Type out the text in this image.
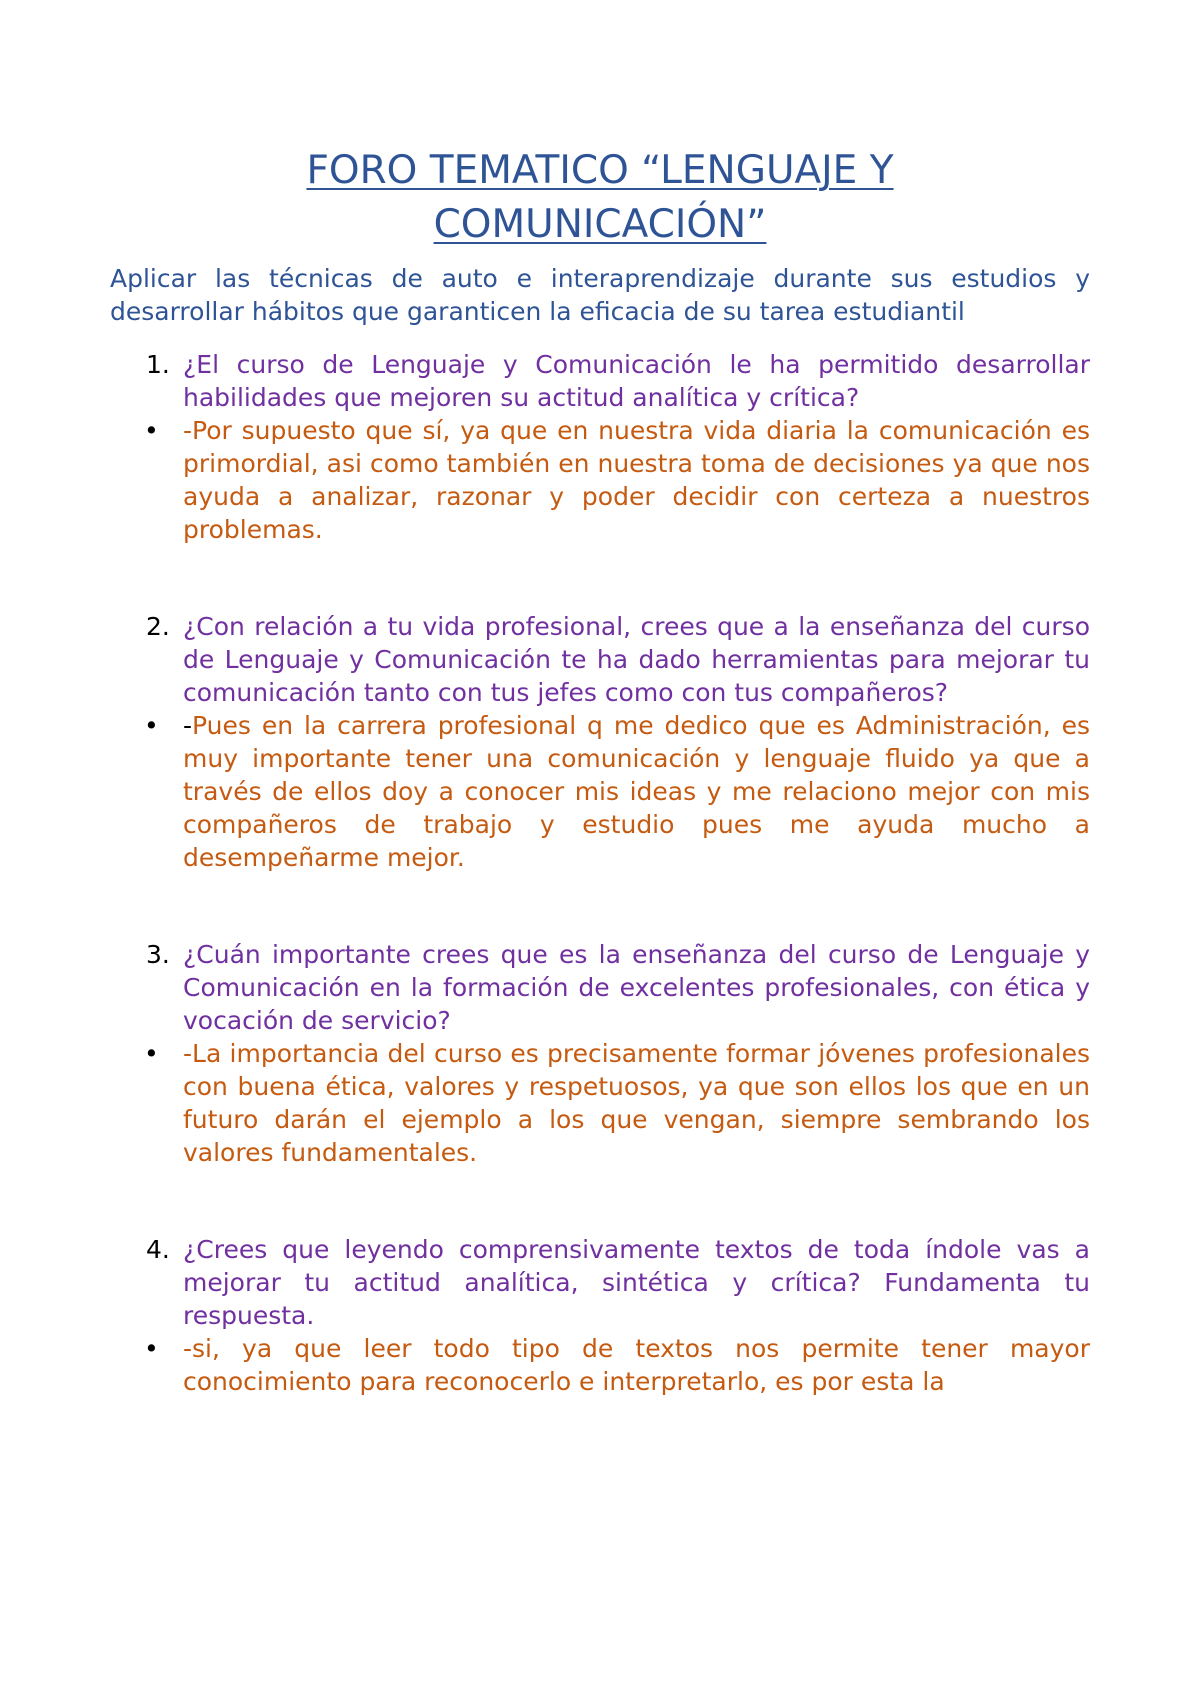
FORO TEMATICO “LENGUAJE Y
COMUNICACIÓN”

Aplicar las técnicas de auto e interaprendizaje durante sus estudios y desarrollar hábitos que garanticen la eficacia de su tarea estudiantil

1. ¿El curso de Lenguaje y Comunicación le ha permitido desarrollar habilidades que mejoren su actitud analítica y crítica?
• -Por supuesto que sí, ya que en nuestra vida diaria la comunicación es primordial, asi como también en nuestra toma de decisiones ya que nos ayuda a analizar, razonar y poder decidir con certeza a nuestros problemas.
2. ¿Con relación a tu vida profesional, crees que a la enseñanza del curso de Lenguaje y Comunicación te ha dado herramientas para mejorar tu comunicación tanto con tus jefes como con tus compañeros?
• -Pues en la carrera profesional q me dedico que es Administración, es muy importante tener una comunicación y lenguaje fluido ya que a través de ellos doy a conocer mis ideas y me relaciono mejor con mis compañeros de trabajo y estudio pues me ayuda mucho a desempeñarme mejor.
3. ¿Cuán importante crees que es la enseñanza del curso de Lenguaje y Comunicación en la formación de excelentes profesionales, con ética y vocación de servicio?
• -La importancia del curso es precisamente formar jóvenes profesionales con buena ética, valores y respetuosos, ya que son ellos los que en un futuro darán el ejemplo a los que vengan, siempre sembrando los valores fundamentales.
4. ¿Crees que leyendo comprensivamente textos de toda índole vas a mejorar tu actitud analítica, sintética y crítica? Fundamenta tu respuesta.
• -si, ya que leer todo tipo de textos nos permite tener mayor conocimiento para reconocerlo e interpretarlo, es por esta la
